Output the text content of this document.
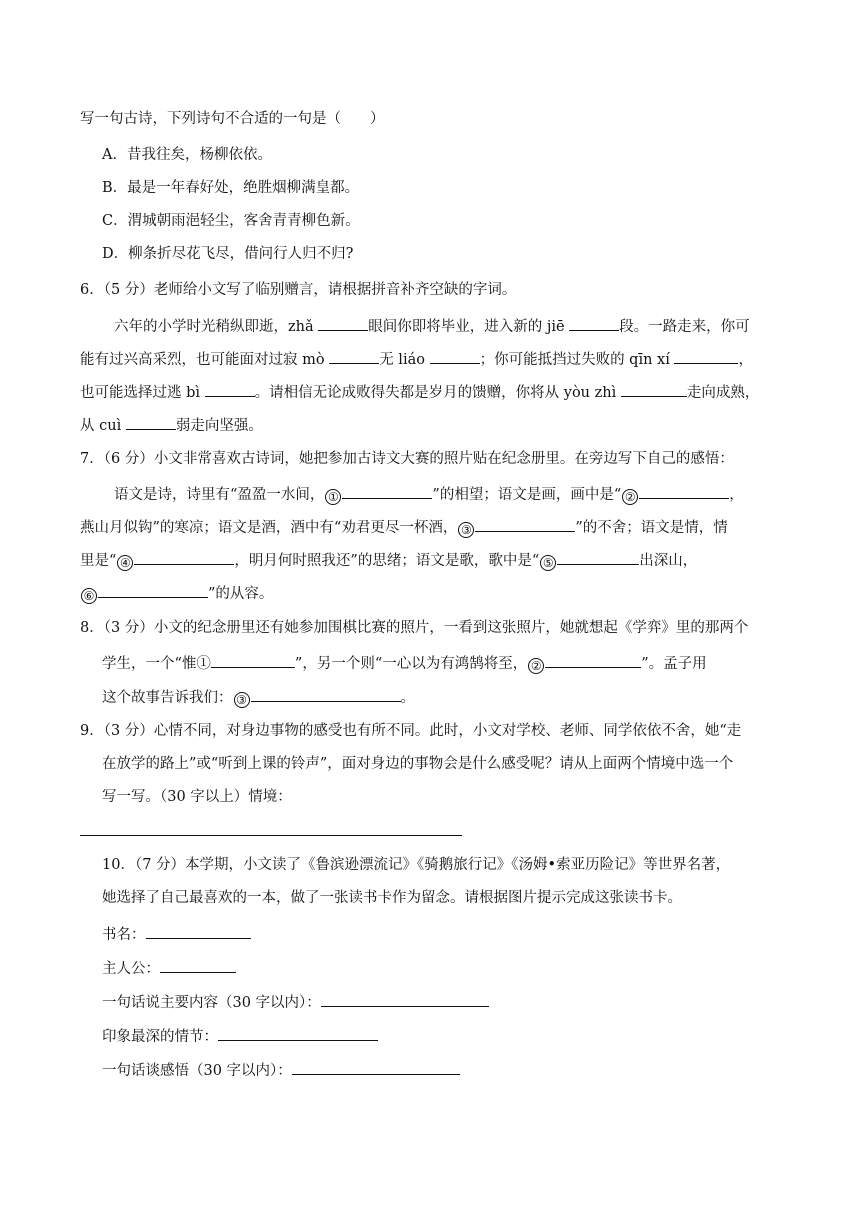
写一句古诗，下列诗句不合适的一句是（　　）
A．昔我往矣，杨柳依依。
B．最是一年春好处，绝胜烟柳满皇都。
C．渭城朝雨浥轻尘，客舍青青柳色新。
D．柳条折尽花飞尽，借问行人归不归?
6．（5 分）老师给小文写了临别赠言，请根据拼音补齐空缺的字词。
六年的小学时光稍纵即逝，zhǎ	眼间你即将毕业，进入新的 jiē	段。一路走来，你可
能有过兴高采烈，也可能面对过寂 mò	无 liáo	；你可能抵挡过失败的 qīn xí	，
也可能选择过逃 bì	。请相信无论成败得失都是岁月的馈赠，你将从 yòu zhì	走向成熟，
从 cuì	弱走向坚强。
7．（6 分）小文非常喜欢古诗词，她把参加古诗文大赛的照片贴在纪念册里。在旁边写下自己的感悟：
语文是诗，诗里有“盈盈一水间， ①	”的相望；语文是画，画中是“ ②	，
燕山月似钩”的寒凉；语文是酒，酒中有“劝君更尽一杯酒， ③	”的不舍；语文是情，情
里是“ ④	，明月何时照我还”的思绪；语文是歌，歌中是“ ⑤	出深山，
⑥	”的从容。
8．（3 分）小文的纪念册里还有她参加围棋比赛的照片，一看到这张照片，她就想起《学弈》里的那两个
学生，一个“惟①	”，另一个则“一心以为有鸿鹄将至， ②	”。孟子用
这个故事告诉我们： ③	。
9．（3 分）心情不同，对身边事物的感受也有所不同。此时，小文对学校、老师、同学依依不舍，她“走
在放学的路上”或“听到上课的铃声”，面对身边的事物会是什么感受呢？请从上面两个情境中选一个
写一写。（30 字以上）情境：
10．（7 分）本学期，小文读了《鲁滨逊漂流记》《骑鹅旅行记》《汤姆•索亚历险记》等世界名著，
她选择了自己最喜欢的一本，做了一张读书卡作为留念。请根据图片提示完成这张读书卡。
书名：
主人公：
一句话说主要内容（30 字以内）：
印象最深的情节：
一句话谈感悟（30 字以内）：
